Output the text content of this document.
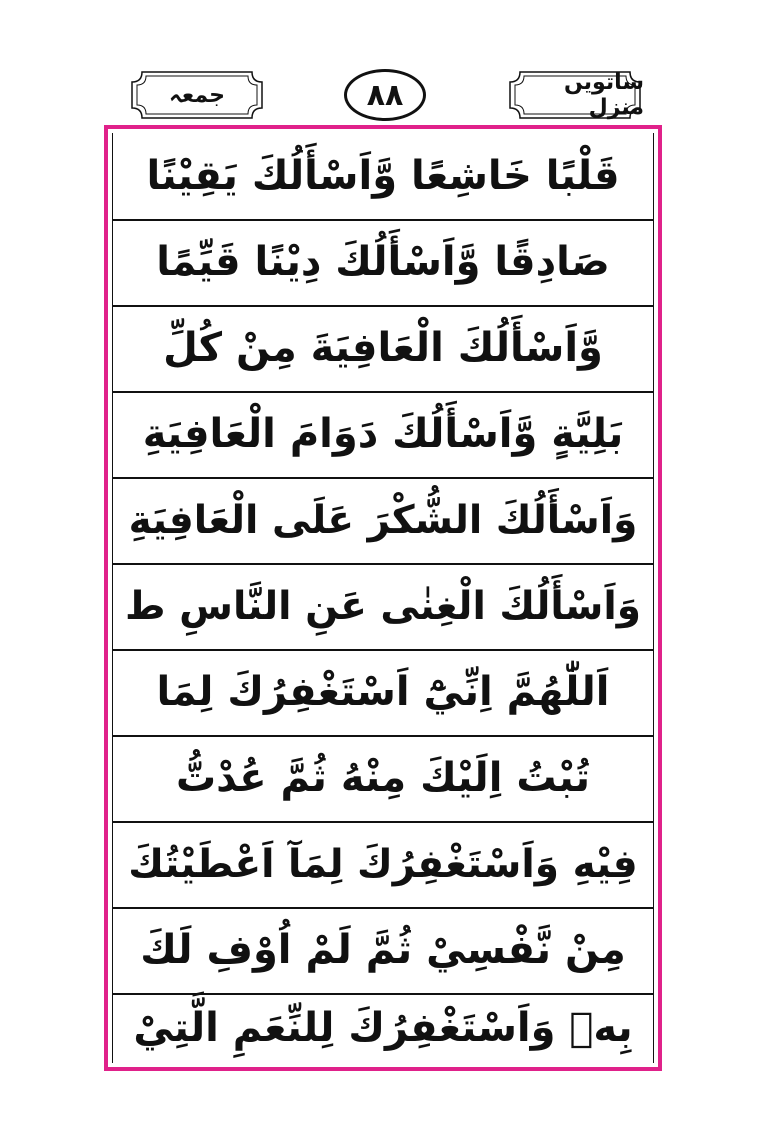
جمعہ	٨٨	ساتویں منزل
قَلْبًا خَاشِعًا وَّاَسْأَلُكَ يَقِيْنًا
صَادِقًا وَّاَسْأَلُكَ دِيْنًا قَيِّمًا
وَّاَسْأَلُكَ الْعَافِيَةَ مِنْ كُلِّ
بَلِيَّةٍ وَّاَسْأَلُكَ دَوَامَ الْعَافِيَةِ
وَاَسْأَلُكَ الشُّكْرَ عَلَى الْعَافِيَةِ
وَاَسْأَلُكَ الْغِنٰى عَنِ النَّاسِ ط
اَللّٰهُمَّ اِنِّيْٓ اَسْتَغْفِرُكَ لِمَا
تُبْتُ اِلَيْكَ مِنْهُ ثُمَّ عُدْتُّ
فِيْهِ وَاَسْتَغْفِرُكَ لِمَآ اَعْطَيْتُكَ
مِنْ نَّفْسِيْ ثُمَّ لَمْ اُوْفِ لَكَ
بِهٖ وَاَسْتَغْفِرُكَ لِلنِّعَمِ الَّتِيْ
